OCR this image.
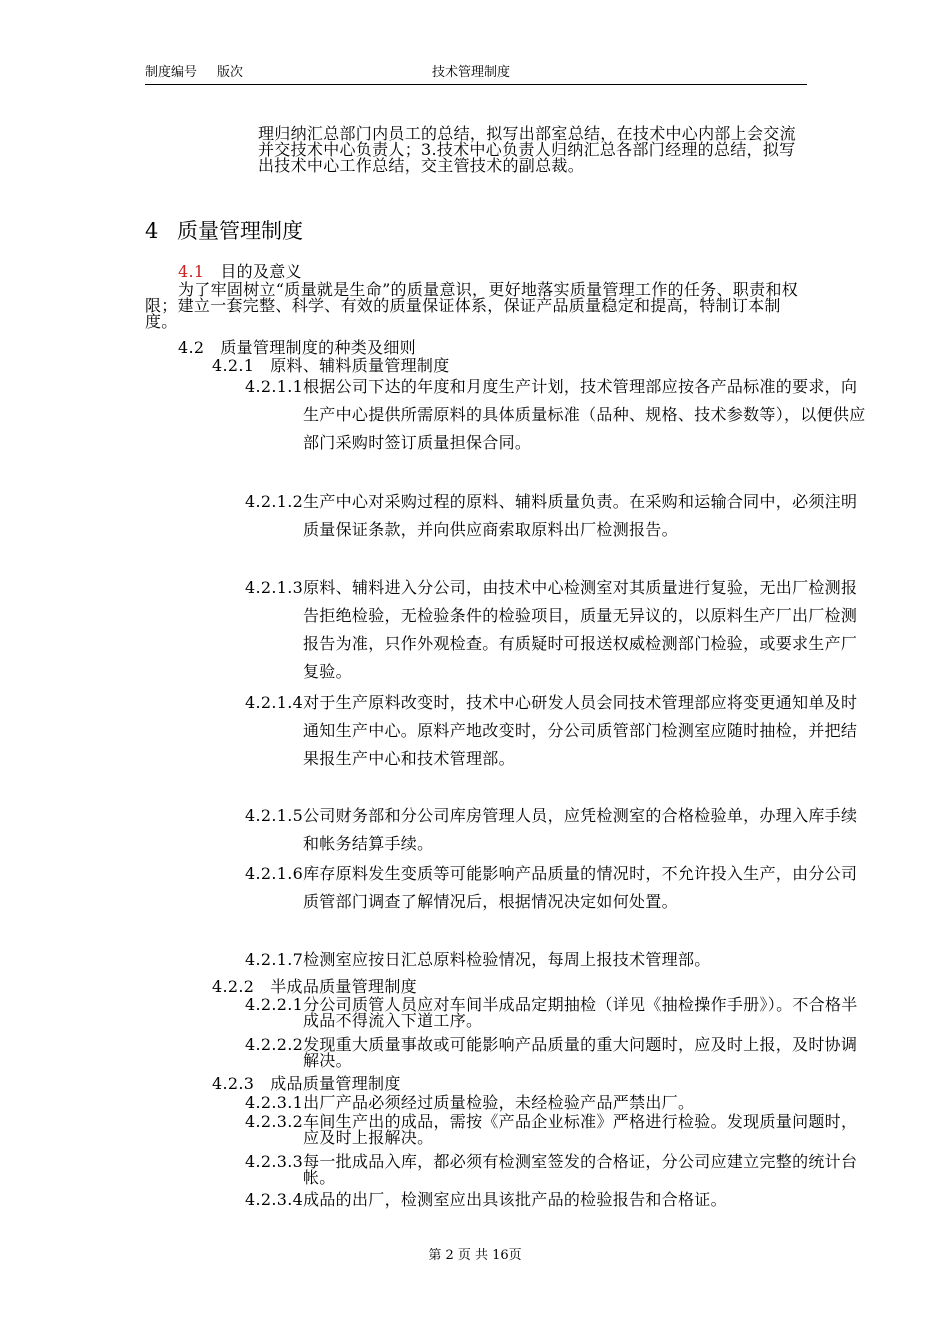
制度编号 版次	技术管理制度
理归纳汇总部门内员工的总结，拟写出部室总结，在技术中心内部上会交流并交技术中心负责人；3.技术中心负责人归纳汇总各部门经理的总结，拟写出技术中心工作总结，交主管技术的副总裁。
4 质量管理制度
4.1 目的及意义
为了牢固树立“质量就是生命”的质量意识，更好地落实质量管理工作的任务、职责和权限；建立一套完整、科学、有效的质量保证体系，保证产品质量稳定和提高，特制订本制度。
4.2 质量管理制度的种类及细则
4.2.1 原料、辅料质量管理制度
4.2.1.1根据公司下达的年度和月度生产计划，技术管理部应按各产品标准的要求，向生产中心提供所需原料的具体质量标准（品种、规格、技术参数等），以便供应部门采购时签订质量担保合同。
4.2.1.2生产中心对采购过程的原料、辅料质量负责。在采购和运输合同中，必须注明质量保证条款，并向供应商索取原料出厂检测报告。
4.2.1.3原料、辅料进入分公司，由技术中心检测室对其质量进行复验，无出厂检测报告拒绝检验，无检验条件的检验项目，质量无异议的，以原料生产厂出厂检测报告为准，只作外观检查。有质疑时可报送权威检测部门检验，或要求生产厂复验。
4.2.1.4对于生产原料改变时，技术中心研发人员会同技术管理部应将变更通知单及时通知生产中心。原料产地改变时，分公司质管部门检测室应随时抽检，并把结果报生产中心和技术管理部。
4.2.1.5公司财务部和分公司库房管理人员，应凭检测室的合格检验单，办理入库手续和帐务结算手续。
4.2.1.6库存原料发生变质等可能影响产品质量的情况时，不允许投入生产，由分公司质管部门调查了解情况后，根据情况决定如何处置。
4.2.1.7检测室应按日汇总原料检验情况，每周上报技术管理部。
4.2.2 半成品质量管理制度
4.2.2.1分公司质管人员应对车间半成品定期抽检（详见《抽检操作手册》）。不合格半成品不得流入下道工序。
4.2.2.2发现重大质量事故或可能影响产品质量的重大问题时，应及时上报，及时协调解决。
4.2.3 成品质量管理制度
4.2.3.1出厂产品必须经过质量检验，未经检验产品严禁出厂。
4.2.3.2车间生产出的成品，需按《产品企业标准》严格进行检验。发现质量问题时，应及时上报解决。
4.2.3.3每一批成品入库，都必须有检测室签发的合格证，分公司应建立完整的统计台帐。
4.2.3.4成品的出厂，检测室应出具该批产品的检验报告和合格证。
第 2 页 共 16页
